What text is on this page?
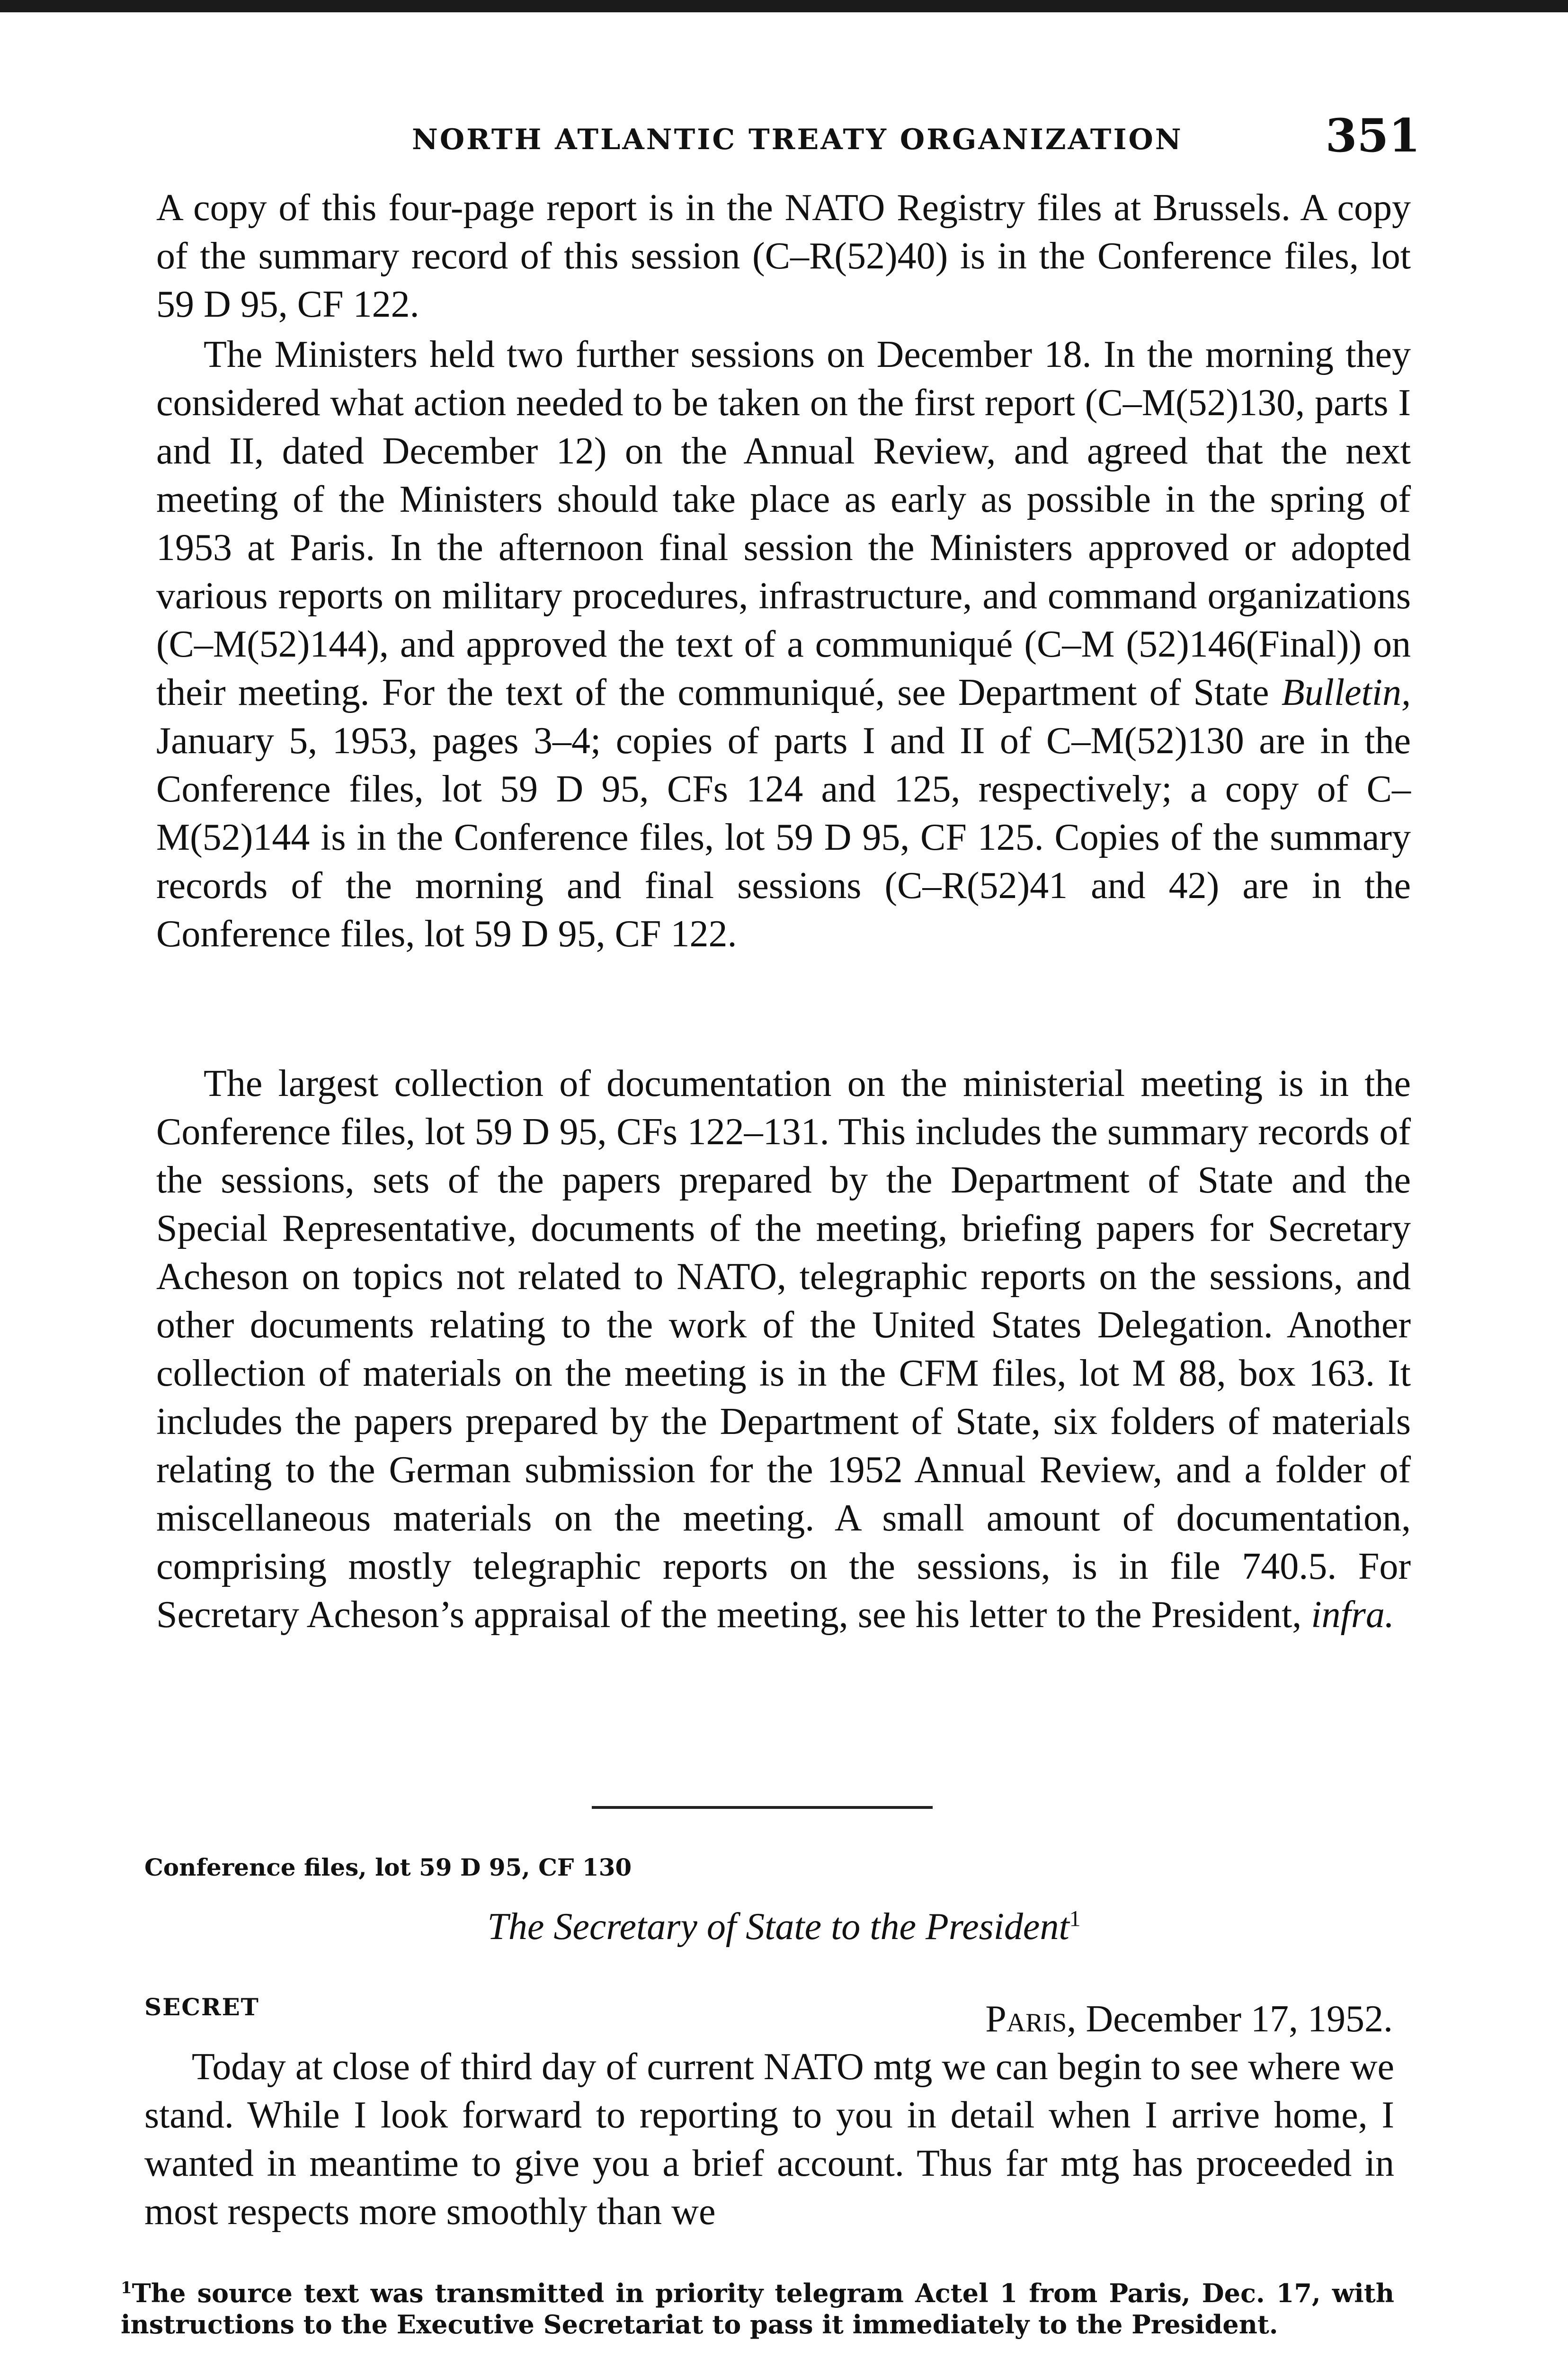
NORTH ATLANTIC TREATY ORGANIZATION	351

A copy of this four-page report is in the NATO Registry files at Brussels. A copy of the summary record of this session (C–R(52)40) is in the Conference files, lot 59 D 95, CF 122.

The Ministers held two further sessions on December 18. In the morning they considered what action needed to be taken on the first report (C–M(52)130, parts I and II, dated December 12) on the Annual Review, and agreed that the next meeting of the Ministers should take place as early as possible in the spring of 1953 at Paris. In the afternoon final session the Ministers approved or adopted various reports on military procedures, infrastructure, and command organizations (C–M(52)144), and approved the text of a communiqué (C–M (52)146(Final)) on their meeting. For the text of the communiqué, see Department of State Bulletin, January 5, 1953, pages 3–4; copies of parts I and II of C–M(52)130 are in the Conference files, lot 59 D 95, CFs 124 and 125, respectively; a copy of C–M(52)144 is in the Conference files, lot 59 D 95, CF 125. Copies of the summary records of the morning and final sessions (C–R(52)41 and 42) are in the Conference files, lot 59 D 95, CF 122.

The largest collection of documentation on the ministerial meeting is in the Conference files, lot 59 D 95, CFs 122–131. This includes the summary records of the sessions, sets of the papers prepared by the Department of State and the Special Representative, documents of the meeting, briefing papers for Secretary Acheson on topics not related to NATO, telegraphic reports on the sessions, and other documents relating to the work of the United States Delegation. Another collection of materials on the meeting is in the CFM files, lot M 88, box 163. It includes the papers prepared by the Department of State, six folders of materials relating to the German submission for the 1952 Annual Review, and a folder of miscellaneous materials on the meeting. A small amount of documentation, comprising mostly telegraphic reports on the sessions, is in file 740.5. For Secretary Acheson’s appraisal of the meeting, see his letter to the President, infra.

Conference files, lot 59 D 95, CF 130
The Secretary of State to the President$^1$
SECRET	Paris, December 17, 1952.

Today at close of third day of current NATO mtg we can begin to see where we stand. While I look forward to reporting to you in detail when I arrive home, I wanted in meantime to give you a brief account. Thus far mtg has proceeded in most respects more smoothly than we

$^1$The source text was transmitted in priority telegram Actel 1 from Paris, Dec. 17, with instructions to the Executive Secretariat to pass it immediately to the President.
